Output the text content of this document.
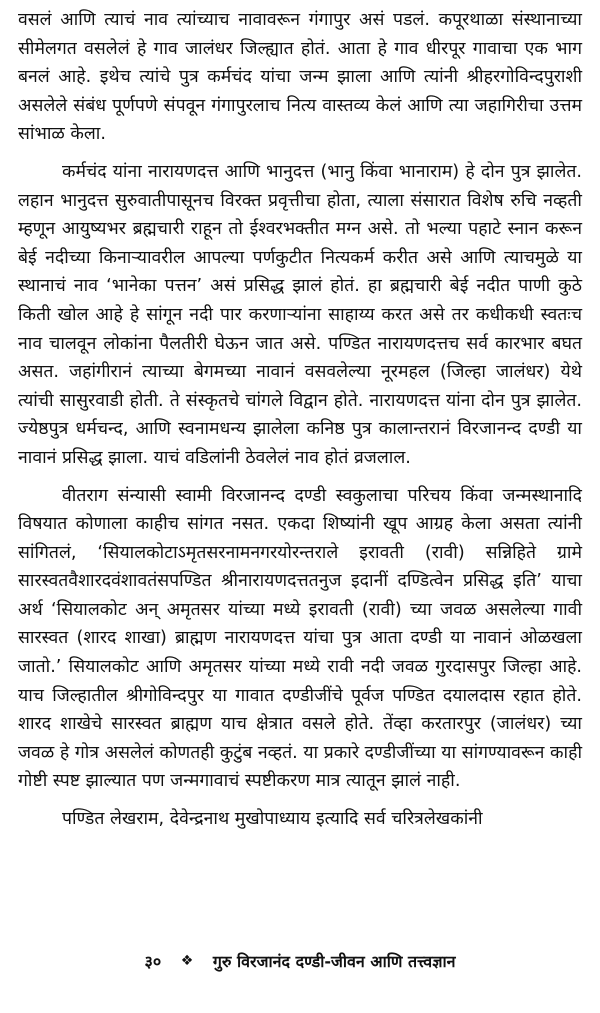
वसलं आणि त्याचं नाव त्यांच्याच नावावरून गंगापुर असं पडलं. कपूरथाळा संस्थानाच्या सीमेलगत वसलेलं हे गाव जालंधर जिल्ह्यात होतं. आता हे गाव धीरपूर गावाचा एक भाग बनलं आहे. इथेच त्यांचे पुत्र कर्मचंद यांचा जन्म झाला आणि त्यांनी श्रीहरगोविन्दपुराशी असलेले संबंध पूर्णपणे संपवून गंगापुरलाच नित्य वास्तव्य केलं आणि त्या जहागिरीचा उत्तम सांभाळ केला.

कर्मचंद यांना नारायणदत्त आणि भानुदत्त (भानु किंवा भानाराम) हे दोन पुत्र झालेत. लहान भानुदत्त सुरुवातीपासूनच विरक्त प्रवृत्तीचा होता, त्याला संसारात विशेष रुचि नव्हती म्हणून आयुष्यभर ब्रह्मचारी राहून तो ईश्वरभक्तीत मग्न असे. तो भल्या पहाटे स्नान करून बेई नदीच्या किनाऱ्यावरील आपल्या पर्णकुटीत नित्यकर्म करीत असे आणि त्याचमुळे या स्थानाचं नाव ‘भानेका पत्तन’ असं प्रसिद्ध झालं होतं. हा ब्रह्मचारी बेई नदीत पाणी कुठे किती खोल आहे हे सांगून नदी पार करणाऱ्यांना साहाय्य करत असे तर कधीकधी स्वतःच नाव चालवून लोकांना पैलतीरी घेऊन जात असे. पण्डित नारायणदत्तच सर्व कारभार बघत असत. जहांगीरानं त्याच्या बेगमच्या नावानं वसवलेल्या नूरमहल (जिल्हा जालंधर) येथे त्यांची सासुरवाडी होती. ते संस्कृतचे चांगले विद्वान होते. नारायणदत्त यांना दोन पुत्र झालेत. ज्येष्ठपुत्र धर्मचन्द, आणि स्वनामधन्य झालेला कनिष्ठ पुत्र कालान्तरानं विरजानन्द दण्डी या नावानं प्रसिद्ध झाला. याचं वडिलांनी ठेवलेलं नाव होतं व्रजलाल.

वीतराग संन्यासी स्वामी विरजानन्द दण्डी स्वकुलाचा परिचय किंवा जन्मस्थानादि विषयात कोणाला काहीच सांगत नसत. एकदा शिष्यांनी खूप आग्रह केला असता त्यांनी सांगितलं, ‘सियालकोटाऽमृतसरनामनगरयोरन्तराले इरावती (रावी) सन्निहिते ग्रामे सारस्वतवैशारदवंशावतंसपण्डित श्रीनारायणदत्ततनुज इदानीं दण्डित्वेन प्रसिद्ध इति’ याचा अर्थ ‘सियालकोट अन् अमृतसर यांच्या मध्ये इरावती (रावी) च्या जवळ असलेल्या गावी सारस्वत (शारद शाखा) ब्राह्मण नारायणदत्त यांचा पुत्र आता दण्डी या नावानं ओळखला जातो.’ सियालकोट आणि अमृतसर यांच्या मध्ये रावी नदी जवळ गुरदासपुर जिल्हा आहे. याच जिल्हातील श्रीगोविन्दपुर या गावात दण्डीजींचे पूर्वज पण्डित दयालदास रहात होते. शारद शाखेचे सारस्वत ब्राह्मण याच क्षेत्रात वसले होते. तेंव्हा करतारपुर (जालंधर) च्या जवळ हे गोत्र असलेलं कोणतही कुटुंब नव्हतं. या प्रकारे दण्डीजींच्या या सांगण्यावरून काही गोष्टी स्पष्ट झाल्यात पण जन्मगावाचं स्पष्टीकरण मात्र त्यातून झालं नाही.

पण्डित लेखराम, देवेन्द्रनाथ मुखोपाध्याय इत्यादि सर्व चरित्रलेखकांनी

३० ❖ गुरु विरजानंद दण्डी-जीवन आणि तत्त्वज्ञान
